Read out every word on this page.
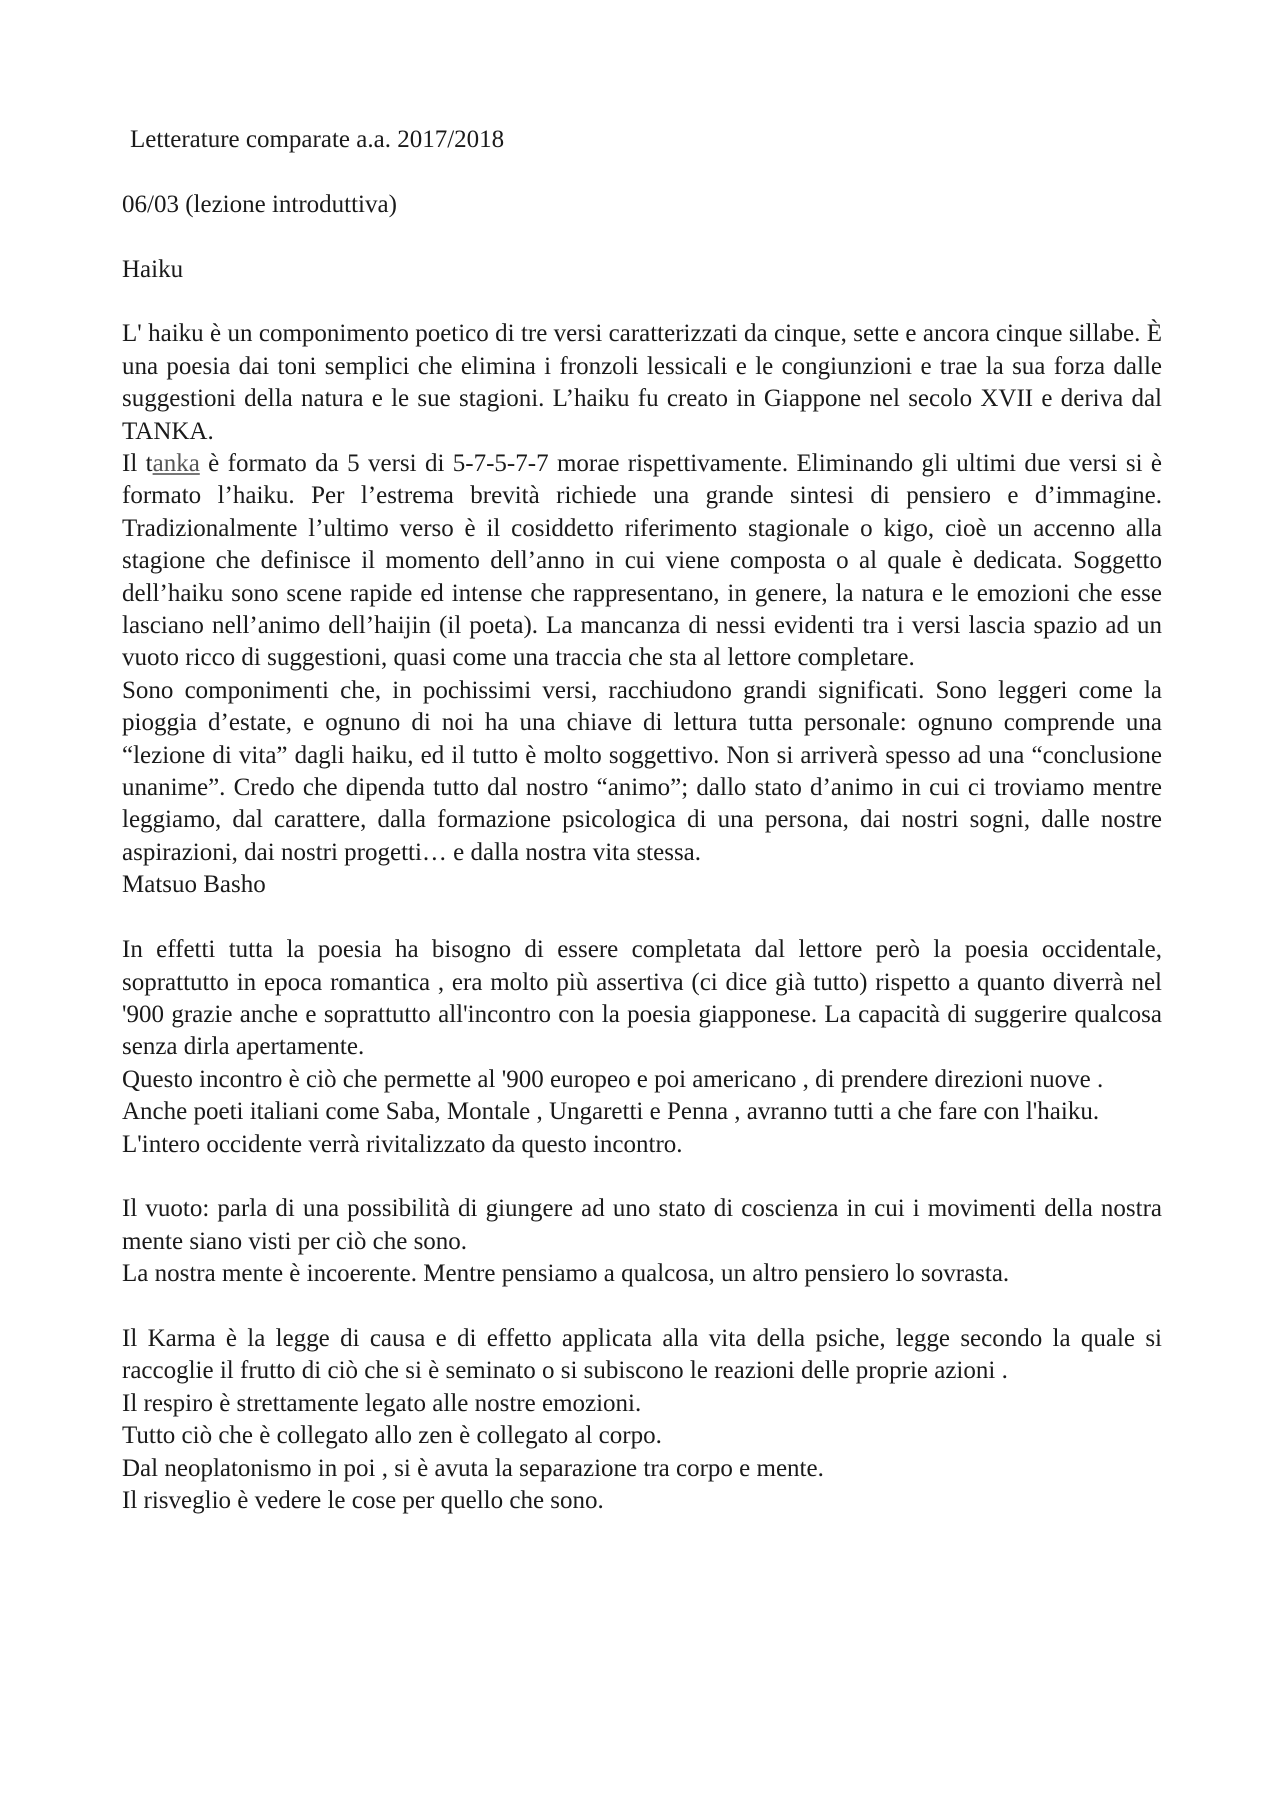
Letterature comparate a.a. 2017/2018

06/03 (lezione introduttiva)

Haiku

L' haiku è un componimento poetico di tre versi caratterizzati da cinque, sette e ancora cinque sillabe. È una poesia dai toni semplici che elimina i fronzoli lessicali e le congiunzioni e trae la sua forza dalle suggestioni della natura e le sue stagioni. L’haiku fu creato in Giappone nel secolo XVII e deriva dal TANKA.

Il tanka è formato da 5 versi di 5-7-5-7-7 morae rispettivamente. Eliminando gli ultimi due versi si è formato l’haiku. Per l’estrema brevità richiede una grande sintesi di pensiero e d’immagine. Tradizionalmente l’ultimo verso è il cosiddetto riferimento stagionale o kigo, cioè un accenno alla stagione che definisce il momento dell’anno in cui viene composta o al quale è dedicata. Soggetto dell’haiku sono scene rapide ed intense che rappresentano, in genere, la natura e le emozioni che esse lasciano nell’animo dell’haijin (il poeta). La mancanza di nessi evidenti tra i versi lascia spazio ad un vuoto ricco di suggestioni, quasi come una traccia che sta al lettore completare.

Sono componimenti che, in pochissimi versi, racchiudono grandi significati. Sono leggeri come la pioggia d’estate, e ognuno di noi ha una chiave di lettura tutta personale: ognuno comprende una “lezione di vita” dagli haiku, ed il tutto è molto soggettivo. Non si arriverà spesso ad una “conclusione unanime”. Credo che dipenda tutto dal nostro “animo”; dallo stato d’animo in cui ci troviamo mentre leggiamo, dal carattere, dalla formazione psicologica di una persona, dai nostri sogni, dalle nostre aspirazioni, dai nostri progetti… e dalla nostra vita stessa.

Matsuo Basho

In effetti tutta la poesia ha bisogno di essere completata dal lettore però la poesia occidentale, soprattutto in epoca romantica , era molto più assertiva (ci dice già tutto) rispetto a quanto diverrà nel '900 grazie anche e soprattutto all'incontro con la poesia giapponese. La capacità di suggerire qualcosa senza dirla apertamente.

Questo incontro è ciò che permette al '900 europeo e poi americano , di prendere direzioni nuove .

Anche poeti italiani come Saba, Montale , Ungaretti e Penna , avranno tutti a che fare con l'haiku.

L'intero occidente verrà rivitalizzato da questo incontro.

Il vuoto: parla di una possibilità di giungere ad uno stato di coscienza in cui i movimenti della nostra mente siano visti per ciò che sono.

La nostra mente è incoerente. Mentre pensiamo a qualcosa, un altro pensiero lo sovrasta.

Il Karma è la legge di causa e di effetto applicata alla vita della psiche, legge secondo la quale si raccoglie il frutto di ciò che si è seminato o si subiscono le reazioni delle proprie azioni .

Il respiro è strettamente legato alle nostre emozioni.

Tutto ciò che è collegato allo zen è collegato al corpo.

Dal neoplatonismo in poi , si è avuta la separazione tra corpo e mente.

Il risveglio è vedere le cose per quello che sono.
